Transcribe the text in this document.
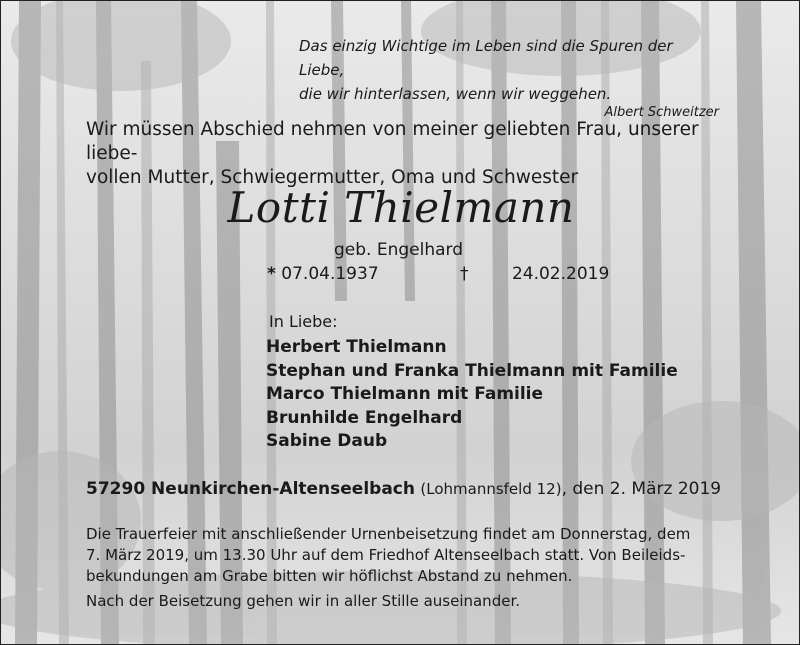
Das einzig Wichtige im Leben sind die Spuren der Liebe,
die wir hinterlassen, wenn wir weggehen.
Albert Schweitzer
Wir müssen Abschied nehmen von meiner geliebten Frau, unserer liebe-
vollen Mutter, Schwiegermutter, Oma und Schwester
Lotti Thielmann
geb. Engelhard
* 07.04.1937	†	24.02.2019
In Liebe:
Herbert Thielmann
Stephan und Franka Thielmann mit Familie
Marco Thielmann mit Familie
Brunhilde Engelhard
Sabine Daub
57290 Neunkirchen-Altenseelbach (Lohmannsfeld 12), den 2. März 2019

Die Trauerfeier mit anschließender Urnenbeisetzung findet am Donnerstag, dem

7. März 2019, um 13.30 Uhr auf dem Friedhof Altenseelbach statt. Von Beileids-

bekundungen am Grabe bitten wir höflichst Abstand zu nehmen.

Nach der Beisetzung gehen wir in aller Stille auseinander.
